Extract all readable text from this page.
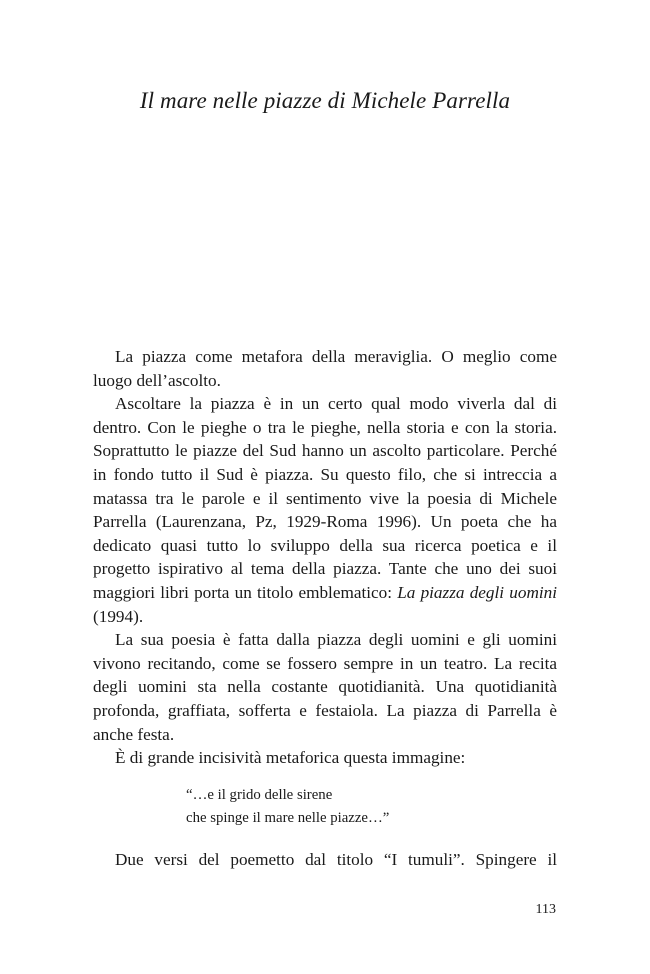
Il mare nelle piazze di Michele Parrella

La piazza come metafora della meraviglia. O meglio come luogo dell’ascolto.

Ascoltare la piazza è in un certo qual modo viverla dal di dentro. Con le pieghe o tra le pieghe, nella storia e con la storia. Soprattutto le piazze del Sud hanno un ascolto particolare. Perché in fondo tutto il Sud è piazza. Su questo filo, che si intreccia a matassa tra le parole e il sentimento vive la poesia di Michele Parrella (Laurenzana, Pz, 1929-Roma 1996). Un poeta che ha dedicato quasi tutto lo sviluppo della sua ricerca poetica e il progetto ispirativo al tema della piazza. Tante che uno dei suoi maggiori libri porta un titolo emblematico: La piazza degli uomini (1994).

La sua poesia è fatta dalla piazza degli uomini e gli uomini vivono recitando, come se fossero sempre in un teatro. La recita degli uomini sta nella costante quotidianità. Una quotidianità profonda, graffiata, sofferta e festaiola. La piazza di Parrella è anche festa.

È di grande incisività metaforica questa immagine:

“…e il grido delle sirene
che spinge il mare nelle piazze…”

Due versi del poemetto dal titolo “I tumuli”. Spingere il

113
